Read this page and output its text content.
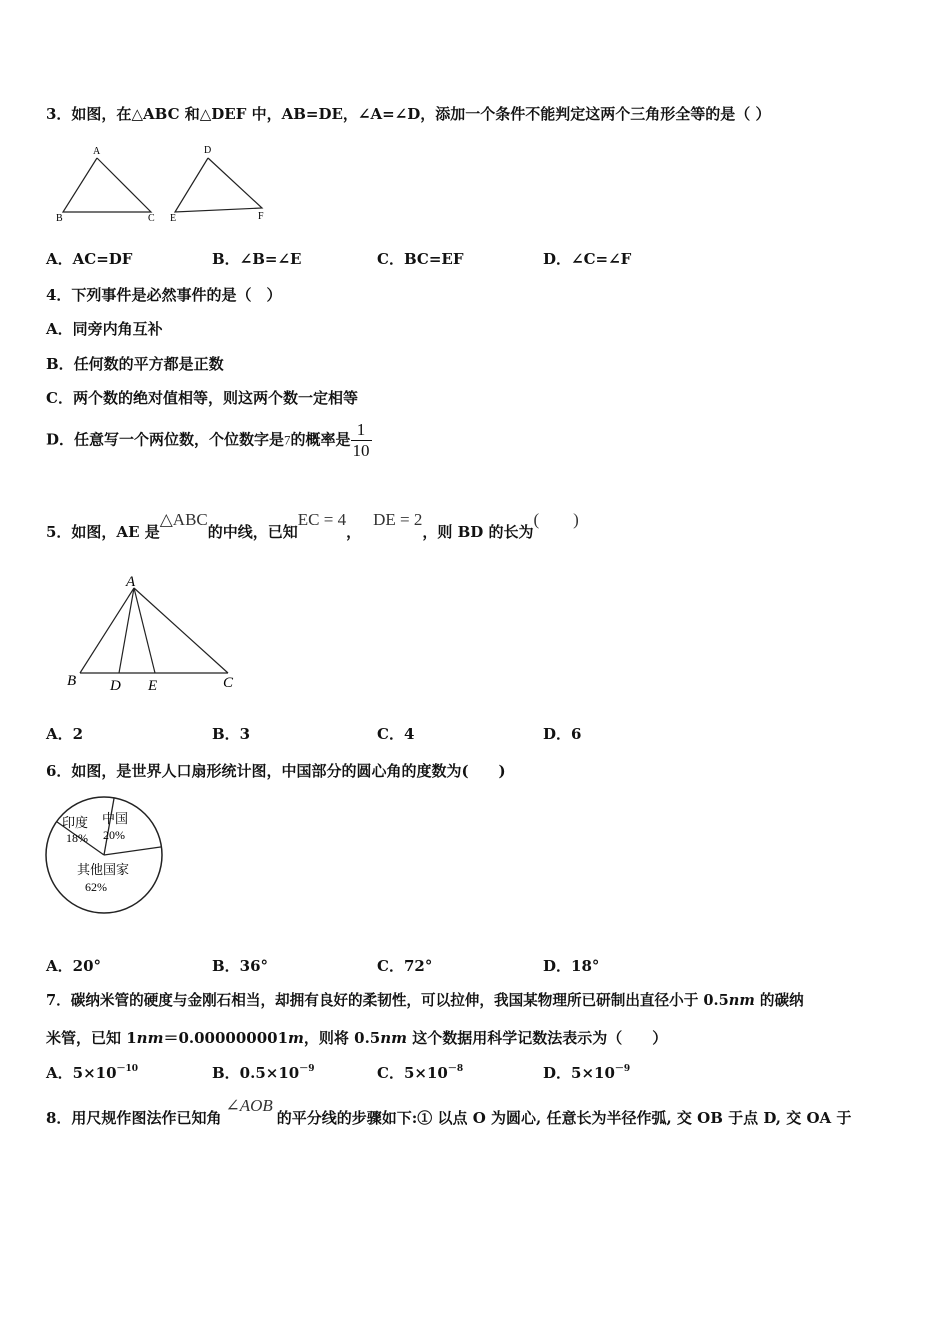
3．如图，在△ABC 和△DEF 中，AB=DE，∠A=∠D，添加一个条件不能判定这两个三角形全等的是（ ）
A
B	C
D
E	F
A．AC=DF	B．∠B=∠E	C．BC=EF	D．∠C=∠F
4．下列事件是必然事件的是（　）
A．同旁内角互补
B．任何数的平方都是正数
C．两个数的绝对值相等，则这两个数一定相等
D．任意写一个两位数，个位数字是7的概率是 $\frac{1}{10}$
5．如图，AE 是△ABC的中线，已知EC = 4，DE = 2，则 BD 的长为(　　)
A
B D E	C
A．2	B．3	C．4	D．6
6．如图，是世界人口扇形统计图，中国部分的圆心角的度数为(　　)
印度
18%
中国
20%
其他国家
62%
A．20°	B．36°	C．72°	D．18°
7．碳纳米管的硬度与金刚石相当，却拥有良好的柔韧性，可以拉伸，我国某物理所已研制出直径小于 0.5nm 的碳纳
米管，已知 1nm＝0.000000001m，则将 0.5nm 这个数据用科学记数法表示为（　　）
A．$5\times 10^{-10}$	B．$0.5\times 10^{-9}$	C．$5\times 10^{-8}$	D．$5\times 10^{-9}$
8．用尺规作图法作已知角∠AOB的平分线的步骤如下:① 以点 O 为圆心, 任意长为半径作弧, 交 OB 于点 D, 交 OA 于
